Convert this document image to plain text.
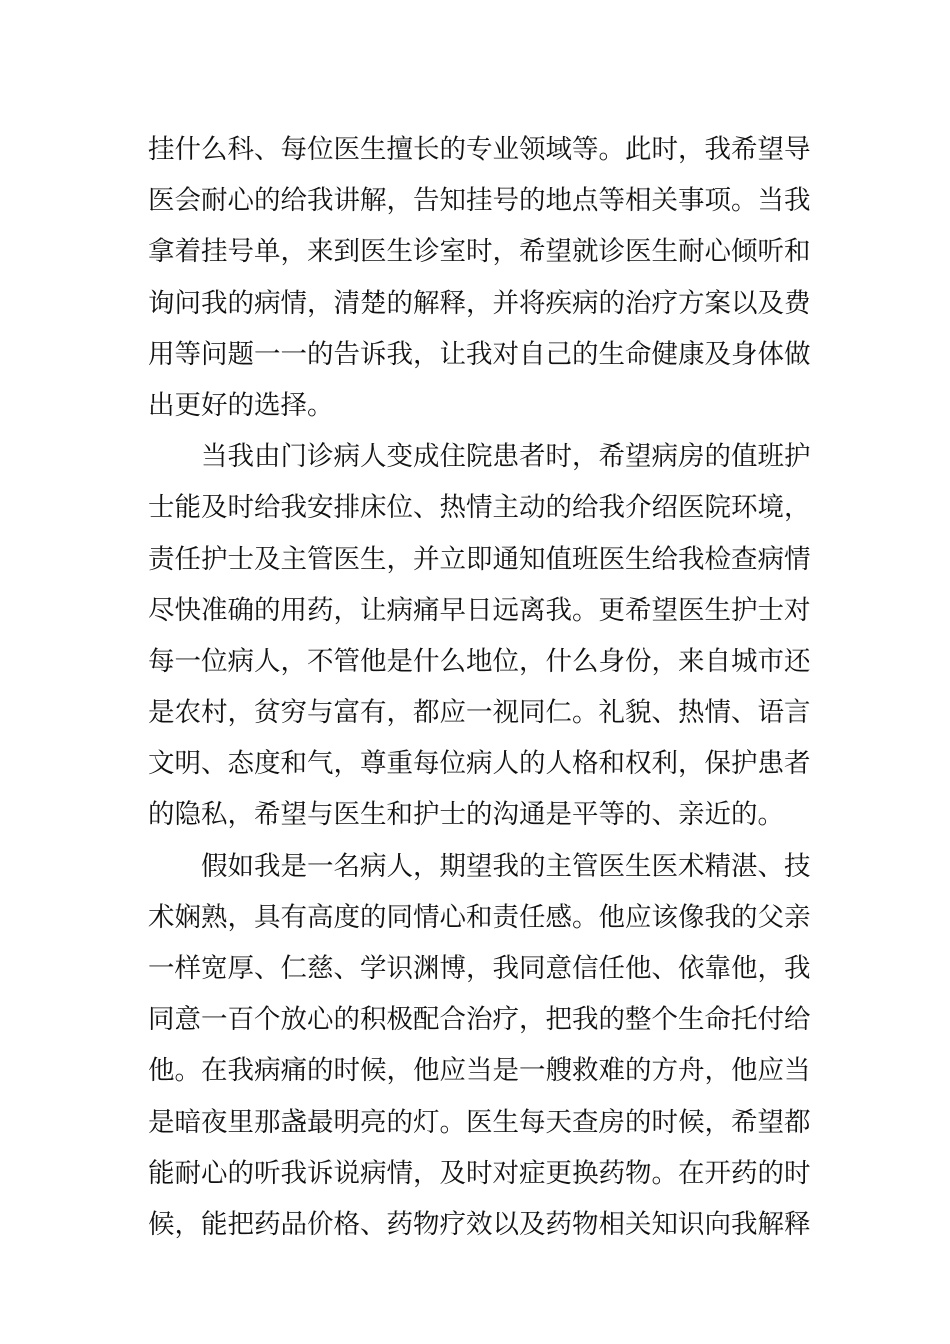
挂什么科、每位医生擅长的专业领域等。此时，我希望导
医会耐心的给我讲解，告知挂号的地点等相关事项。当我
拿着挂号单，来到医生诊室时，希望就诊医生耐心倾听和
询问我的病情，清楚的解释，并将疾病的治疗方案以及费
用等问题一一的告诉我，让我对自己的生命健康及身体做
出更好的选择。
当我由门诊病人变成住院患者时，希望病房的值班护
士能及时给我安排床位、热情主动的给我介绍医院环境，
责任护士及主管医生，并立即通知值班医生给我检查病情
尽快准确的用药，让病痛早日远离我。更希望医生护士对
每一位病人，不管他是什么地位，什么身份，来自城市还
是农村，贫穷与富有，都应一视同仁。礼貌、热情、语言
文明、态度和气，尊重每位病人的人格和权利，保护患者
的隐私，希望与医生和护士的沟通是平等的、亲近的。
假如我是一名病人，期望我的主管医生医术精湛、技
术娴熟，具有高度的同情心和责任感。他应该像我的父亲
一样宽厚、仁慈、学识渊博，我同意信任他、依靠他，我
同意一百个放心的积极配合治疗，把我的整个生命托付给
他。在我病痛的时候，他应当是一艘救难的方舟，他应当
是暗夜里那盏最明亮的灯。医生每天查房的时候，希望都
能耐心的听我诉说病情，及时对症更换药物。在开药的时
候，能把药品价格、药物疗效以及药物相关知识向我解释
